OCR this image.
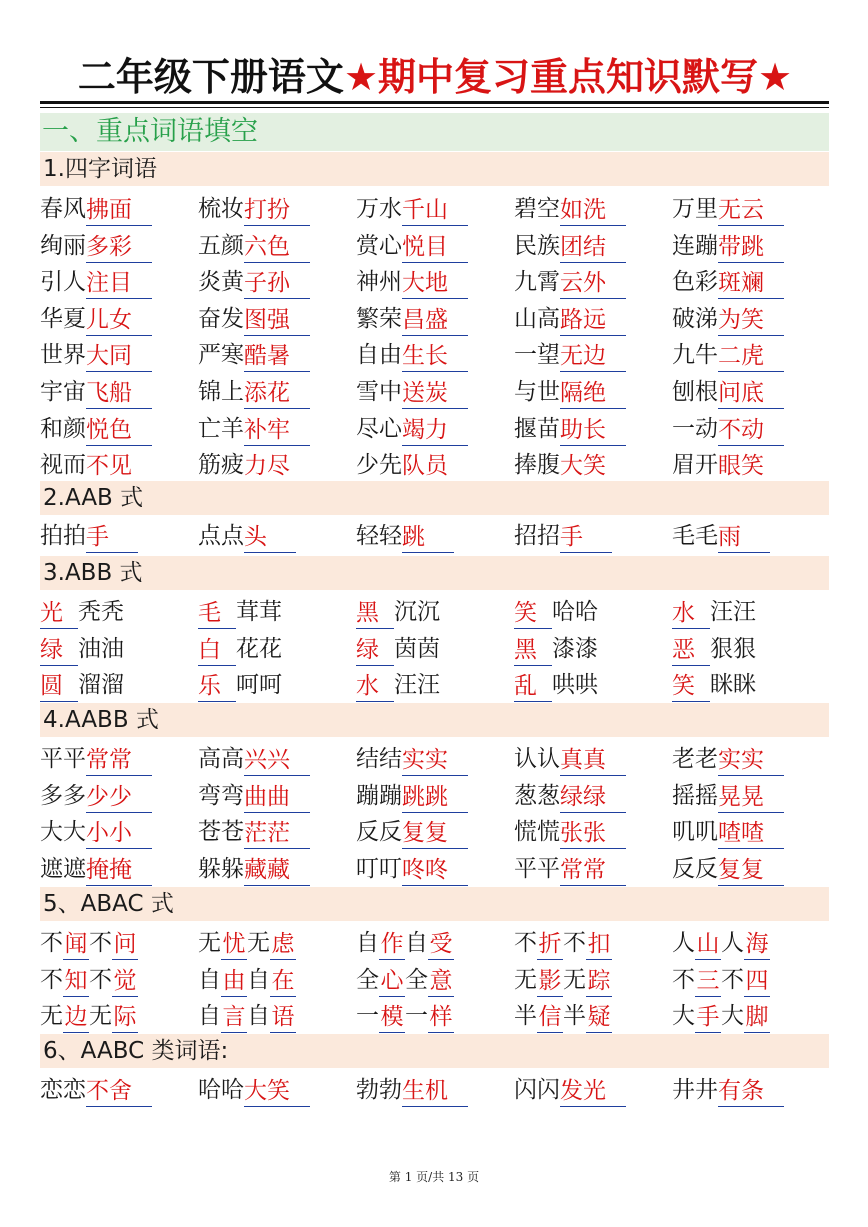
二年级下册语文★期中复习重点知识默写★
一、重点词语填空
1.四字词语
春风 拂面	梳妆 打扮	万水 千山	碧空 如洗	万里 无云
绚丽 多彩	五颜 六色	赏心 悦目	民族 团结	连蹦 带跳
引人 注目	炎黄 子孙	神州 大地	九霄 云外	色彩 斑斓
华夏 儿女	奋发 图强	繁荣 昌盛	山高 路远	破涕 为笑
世界 大同	严寒 酷暑	自由 生长	一望 无边	九牛 二虎
宇宙 飞船	锦上 添花	雪中 送炭	与世 隔绝	刨根 问底
和颜 悦色	亡羊 补牢	尽心 竭力	揠苗 助长	一动 不动
视而 不见	筋疲 力尽	少先 队员	捧腹 大笑	眉开 眼笑
2.AAB 式
拍拍 手	点点 头	轻轻 跳	招招 手	毛毛 雨
3.ABB 式
光 秃秃	毛 茸茸	黑 沉沉	笑 哈哈	水 汪汪
绿 油油	白 花花	绿 茵茵	黑 漆漆	恶 狠狠
圆 溜溜	乐 呵呵	水 汪汪	乱 哄哄	笑 眯眯
4.AABB 式
平平 常常	高高 兴兴	结结 实实	认认 真真	老老 实实
多多 少少	弯弯 曲曲	蹦蹦 跳跳	葱葱 绿绿	摇摇 晃晃
大大 小小	苍苍 茫茫	反反 复复	慌慌 张张	叽叽 喳喳
遮遮 掩掩	躲躲 藏藏	叮叮 咚咚	平平 常常	反反 复复
5、ABAC 式
不 闻 不 问	无 忧 无 虑	自 作 自 受	不 折 不 扣	人 山 人 海
不 知 不 觉	自 由 自 在	全 心 全 意	无 影 无 踪	不 三 不 四
无 边 无 际	自 言 自 语	一 模 一 样	半 信 半 疑	大 手 大 脚
6、AABC 类词语:
恋恋 不舍	哈哈 大笑	勃勃 生机	闪闪 发光	井井 有条
第 1 页/共 13 页
